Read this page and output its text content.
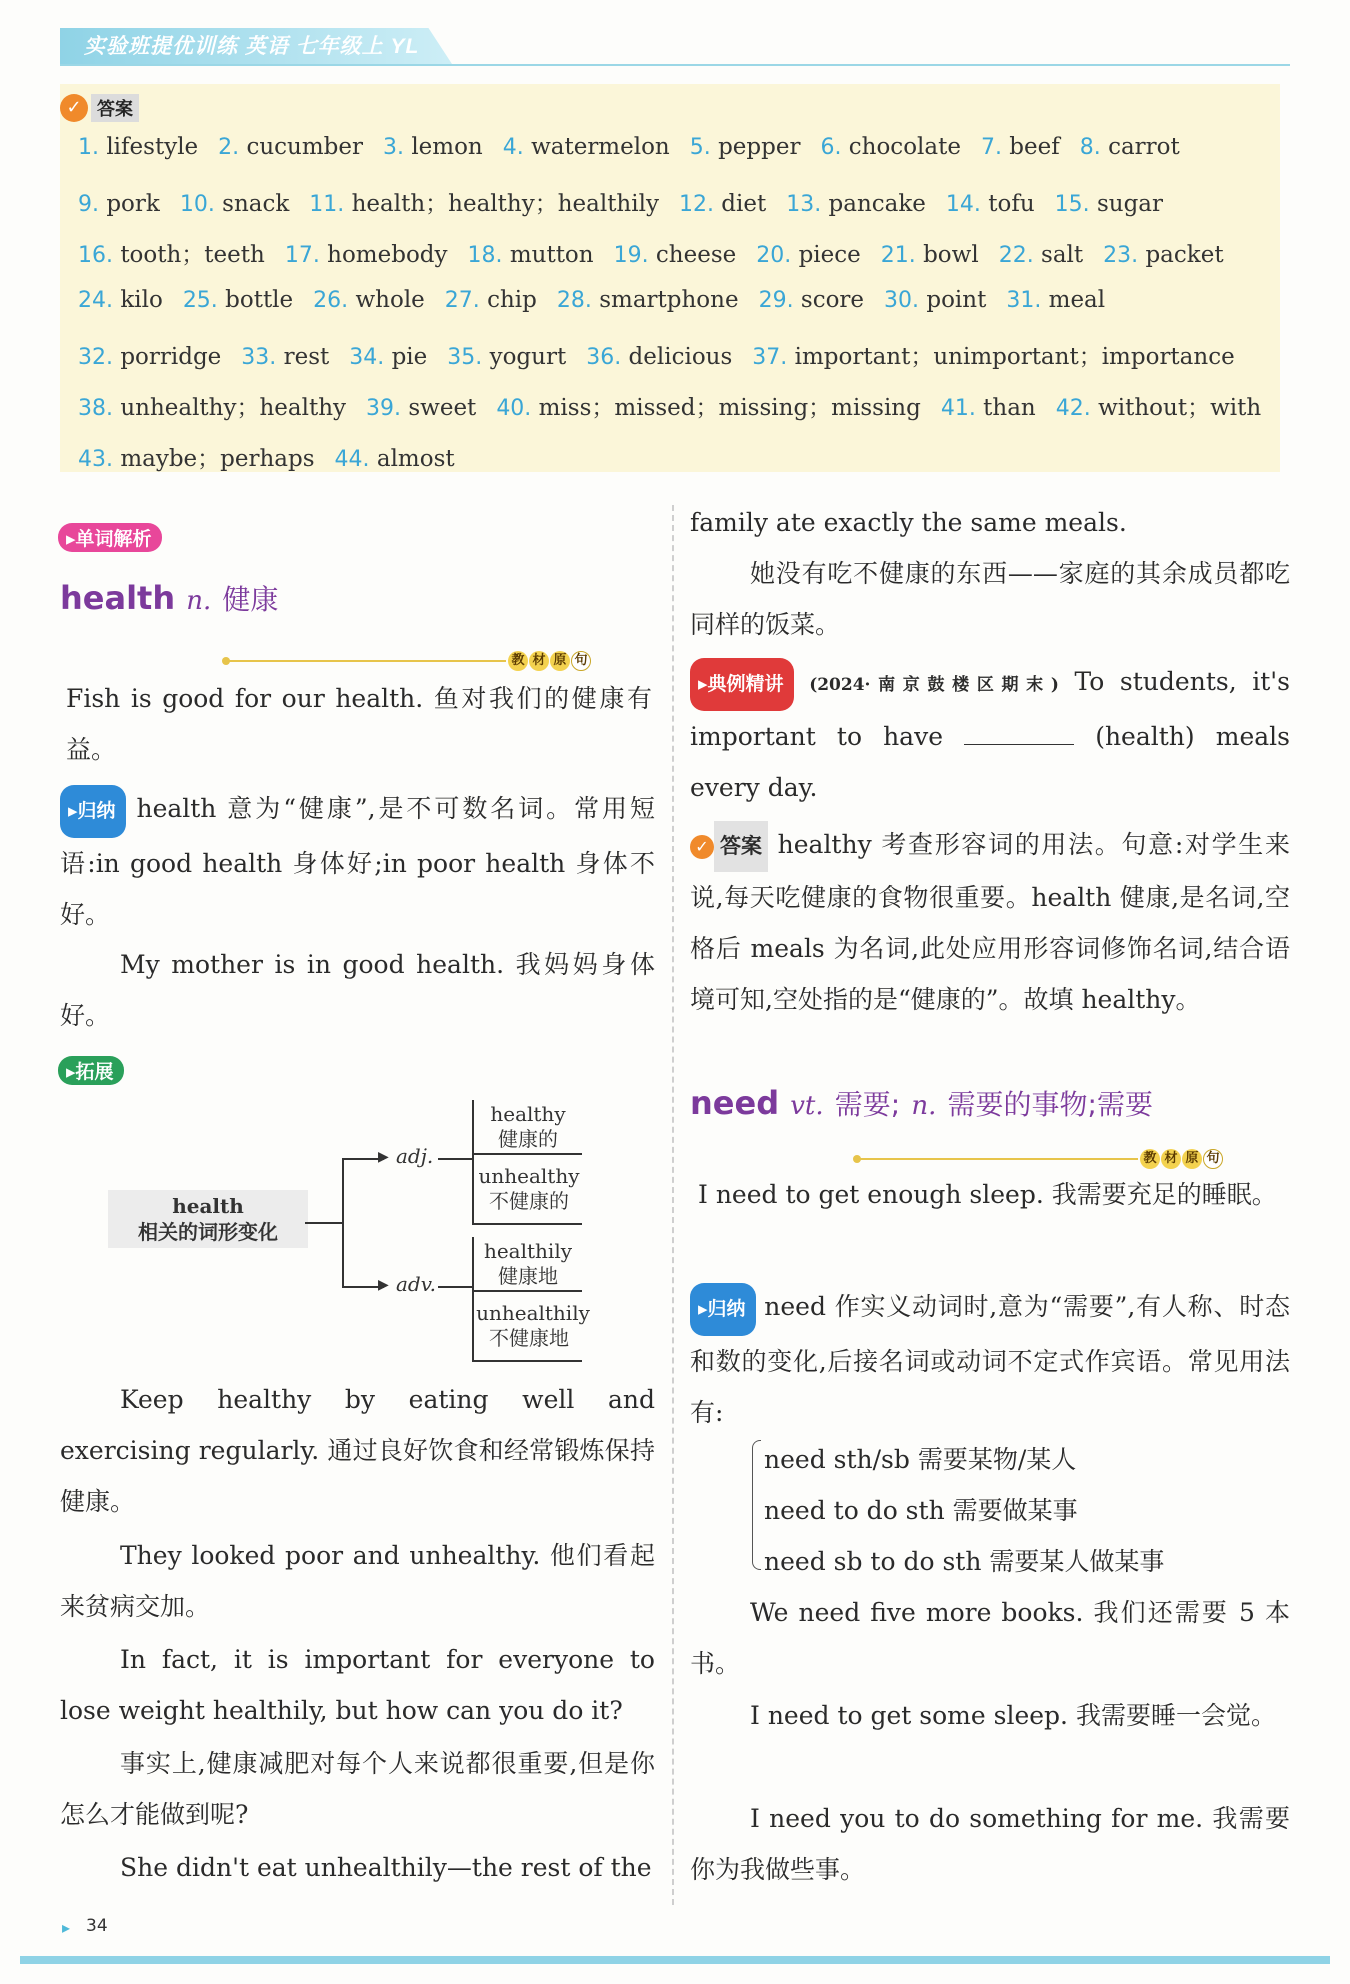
实验班提优训练 英语 七年级上 YL
✓ 答案
1. lifestyle 2. cucumber 3. lemon 4. watermelon 5. pepper 6. chocolate 7. beef 8. carrot
9. pork 10. snack 11. health；healthy；healthily 12. diet 13. pancake 14. tofu 15. sugar
16. tooth；teeth 17. homebody 18. mutton 19. cheese 20. piece 21. bowl 22. salt 23. packet
24. kilo 25. bottle 26. whole 27. chip 28. smartphone 29. score 30. point 31. meal
32. porridge 33. rest 34. pie 35. yogurt 36. delicious 37. important；unimportant；importance
38. unhealthy；healthy 39. sweet 40. miss；missed；missing；missing 41. than 42. without；with
43. maybe；perhaps 44. almost
▸单词解析
health n. 健康
教 材 原 句
Fish is good for our health. 鱼对我们的健康有益。
▸归纳 health 意为“健康”,是不可数名词。常用短语:in good health 身体好;in poor health 身体不好。
My mother is in good health. 我妈妈身体好。
▸拓展
health
相关的词形变化
▶
▶
adj.
adv.
healthy
健康的
unhealthy
不健康的
healthily
健康地
unhealthily
不健康地
Keep healthy by eating well and exercising regularly. 通过良好饮食和经常锻炼保持健康。
They looked poor and unhealthy. 他们看起来贫病交加。
In fact, it is important for everyone to lose weight healthily, but how can you do it?
事实上,健康减肥对每个人来说都很重要,但是你怎么才能做到呢?
She didn't eat unhealthily—the rest of the
family ate exactly the same meals.
她没有吃不健康的东西——家庭的其余成员都吃同样的饭菜。
▸典例精讲 (2024·南京鼓楼区期末) To students, it's important to have	(health) meals every day.
✓ 答案 healthy 考查形容词的用法。句意:对学生来说,每天吃健康的食物很重要。health 健康,是名词,空格后 meals 为名词,此处应用形容词修饰名词,结合语境可知,空处指的是“健康的”。故填 healthy。
need vt. 需要; n. 需要的事物;需要
教 材 原 句
I need to get enough sleep. 我需要充足的睡眠。
▸归纳 need 作实义动词时,意为“需要”,有人称、时态和数的变化,后接名词或动词不定式作宾语。常见用法有:
need sth/sb 需要某物/某人
need to do sth 需要做某事
need sb to do sth 需要某人做某事
We need five more books. 我们还需要 5 本书。
I need to get some sleep. 我需要睡一会觉。
I need you to do something for me. 我需要你为我做些事。
▸ 34
